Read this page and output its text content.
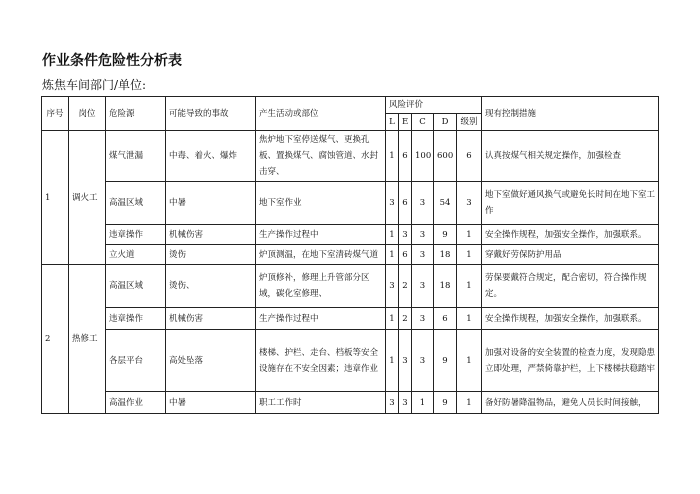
作业条件危险性分析表
炼焦车间部门/单位:
序号	岗位	危险源	可能导致的事故	产生活动或部位	风险评价					现有控制措施
					L	E	C	D	级别	
1	调火工	煤气泄漏	中毒、着火、爆炸	焦炉地下室停送煤气、更换孔板、置换煤气、腐蚀管道、水封击穿、	1	6	100	600	6	认真按煤气相关规定操作，加强检查
		高温区域	中暑	地下室作业	3	6	3	54	3	地下室做好通风换气或避免长时间在地下室工作
		违章操作	机械伤害	生产操作过程中	1	3	3	9	1	安全操作规程，加强安全操作，加强联系。
		立火道	烫伤	炉顶测温，在地下室清砖煤气道	1	6	3	18	1	穿戴好劳保防护用品
2	热修工	高温区域	烫伤、	炉顶修补，修理上升管部分区域，碳化室修理、	3	2	3	18	1	劳保要戴符合规定，配合密切，符合操作规定。
		违章操作	机械伤害	生产操作过程中	1	2	3	6	1	安全操作规程，加强安全操作，加强联系。
		各层平台	高处坠落	楼梯、护栏、走台、档板等安全设施存在不安全因素；违章作业	1	3	3	9	1	加强对设备的安全装置的检查力度，发现隐患立即处理，严禁倚靠护栏，上下楼梯扶稳踏牢
		高温作业	中暑	职工工作时	3	3	1	9	1	备好防暑降温物品，避免人员长时间接触，
